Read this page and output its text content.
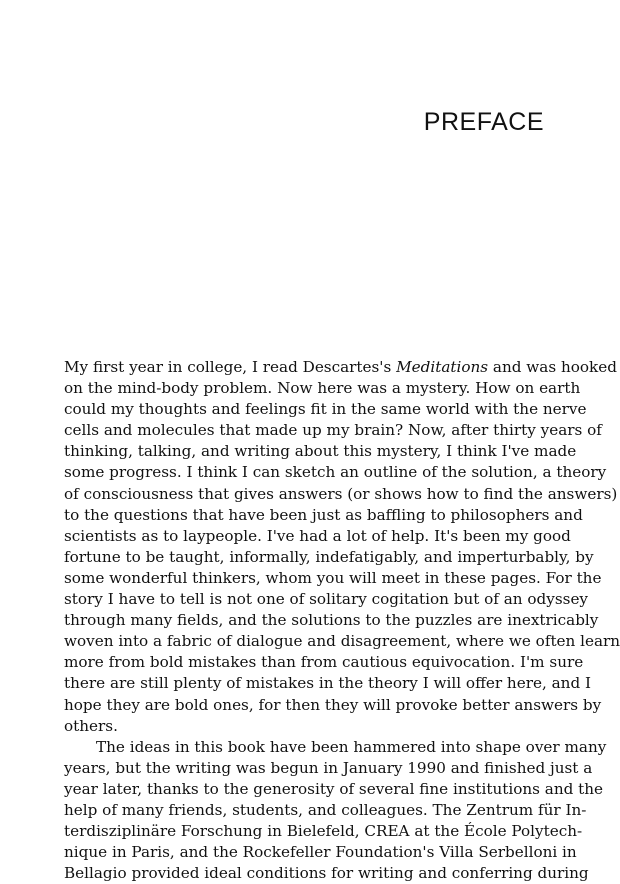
PREFACE
My first year in college, I read Descartes's Meditations and was hooked
on the mind-body problem. Now here was a mystery. How on earth
could my thoughts and feelings fit in the same world with the nerve
cells and molecules that made up my brain? Now, after thirty years of
thinking, talking, and writing about this mystery, I think I've made
some progress. I think I can sketch an outline of the solution, a theory
of consciousness that gives answers (or shows how to find the answers)
to the questions that have been just as baffling to philosophers and
scientists as to laypeople. I've had a lot of help. It's been my good
fortune to be taught, informally, indefatigably, and imperturbably, by
some wonderful thinkers, whom you will meet in these pages. For the
story I have to tell is not one of solitary cogitation but of an odyssey
through many fields, and the solutions to the puzzles are inextricably
woven into a fabric of dialogue and disagreement, where we often learn
more from bold mistakes than from cautious equivocation. I'm sure
there are still plenty of mistakes in the theory I will offer here, and I
hope they are bold ones, for then they will provoke better answers by
others.
The ideas in this book have been hammered into shape over many
years, but the writing was begun in January 1990 and finished just a
year later, thanks to the generosity of several fine institutions and the
help of many friends, students, and colleagues. The Zentrum für In-
terdisziplinäre Forschung in Bielefeld, CREA at the École Polytech-
nique in Paris, and the Rockefeller Foundation's Villa Serbelloni in
Bellagio provided ideal conditions for writing and conferring during
